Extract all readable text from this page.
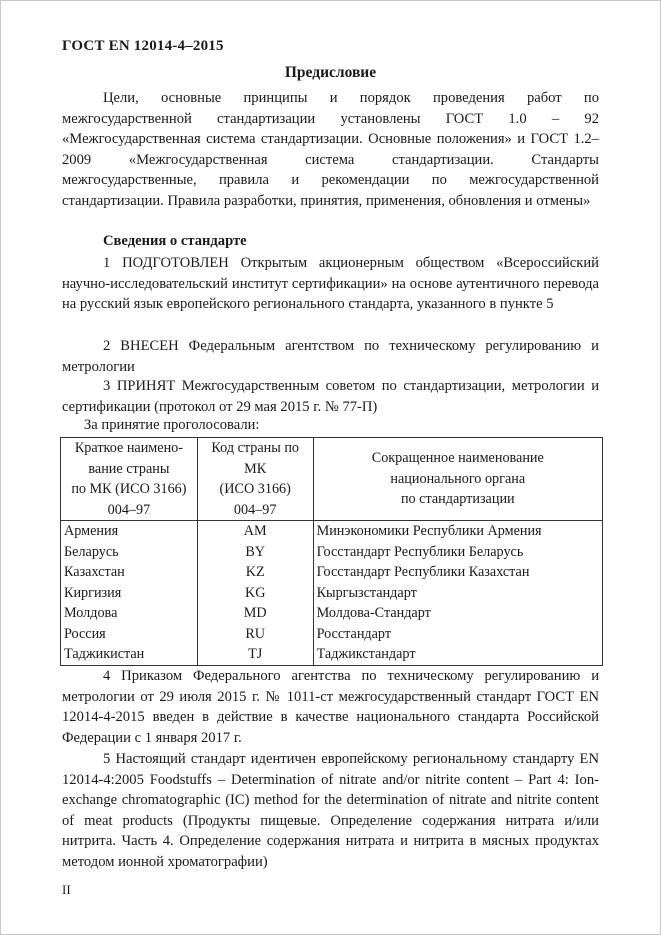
ГОСТ EN 12014-4–2015
Предисловие

Цели, основные принципы и порядок проведения работ по межгосударственной стандартизации установлены ГОСТ 1.0 – 92 «Межгосударственная система стандартизации. Основные положения» и ГОСТ 1.2–2009 «Межгосударственная система стандартизации. Стандарты межгосударственные, правила и рекомендации по межгосударственной стандартизации. Правила разработки, принятия, применения, обновления и отмены»

Сведения о стандарте

1 ПОДГОТОВЛЕН Открытым акционерным обществом «Всероссийский научно-исследовательский институт сертификации» на основе аутентичного перевода на русский язык европейского регионального стандарта, указанного в пункте 5

2 ВНЕСЕН Федеральным агентством по техническому регулированию и метрологии

3 ПРИНЯТ Межгосударственным советом по стандартизации, метрологии и сертификации (протокол от 29 мая 2015 г. № 77-П)

За принятие проголосовали:
Краткое наимено-
вание страны
по МК (ИСО 3166)
004–97	Код страны по
МК
(ИСО 3166)
004–97	Сокращенное наименование
национального органа
по стандартизации

Армения	AM	Минэкономики Республики Армения
Беларусь	BY	Госстандарт Республики Беларусь
Казахстан	KZ	Госстандарт Республики Казахстан
Киргизия	KG	Кыргызстандарт
Молдова	MD	Молдова-Стандарт
Россия	RU	Росстандарт
Таджикистан	TJ	Таджикстандарт

4 Приказом Федерального агентства по техническому регулированию и метрологии от 29 июля 2015 г. № 1011-ст межгосударственный стандарт ГОСТ EN 12014-4-2015 введен в действие в качестве национального стандарта Российской Федерации с 1 января 2017 г.

5 Настоящий стандарт идентичен европейскому региональному стандарту EN 12014-4:2005 Foodstuffs – Determination of nitrate and/or nitrite content – Part 4: Ion-exchange chromatographic (IC) method for the determination of nitrate and nitrite content of meat products (Продукты пищевые. Определение содержания нитрата и/или нитрита. Часть 4. Определение содержания нитрата и нитрита в мясных продуктах методом ионной хроматографии)

II
